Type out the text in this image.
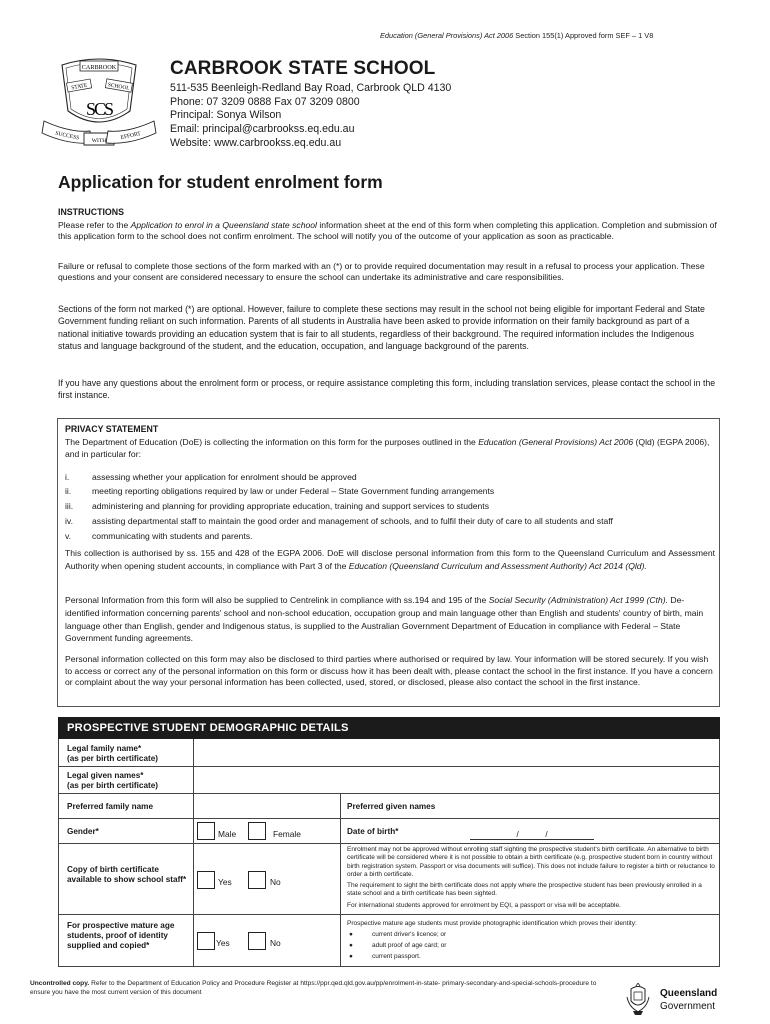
Education (General Provisions) Act 2006 Section 155(1) Approved form SEF – 1 V8
CARBROOK
STATE	SCHOOL
SCS
SUCCESS WITH EFFORT
CARBROOK STATE SCHOOL
511-535 Beenleigh-Redland Bay Road, Carbrook QLD 4130
Phone: 07 3209 0888 Fax 07 3209 0800
Principal: Sonya Wilson
Email: principal@carbrookss.eq.edu.au
Website: www.carbrookss.eq.edu.au
Application for student enrolment form
INSTRUCTIONS
Please refer to the Application to enrol in a Queensland state school information sheet at the end of this form when completing this application. Completion and submission of this application form to the school does not confirm enrolment. The school will notify you of the outcome of your application as soon as practicable.
Failure or refusal to complete those sections of the form marked with an (*) or to provide required documentation may result in a refusal to process your application. These questions and your consent are considered necessary to ensure the school can undertake its administrative and care responsibilities.
Sections of the form not marked (*) are optional. However, failure to complete these sections may result in the school not being eligible for important Federal and State Government funding reliant on such information. Parents of all students in Australia have been asked to provide information on their family background as part of a national initiative towards providing an education system that is fair to all students, regardless of their background. The required information includes the Indigenous status and language background of the student, and the education, occupation, and language background of the parents.
If you have any questions about the enrolment form or process, or require assistance completing this form, including translation services, please contact the school in the first instance.
PRIVACY STATEMENT
The Department of Education (DoE) is collecting the information on this form for the purposes outlined in the Education (General Provisions) Act 2006 (Qld) (EGPA 2006), and in particular for:
i.	assessing whether your application for enrolment should be approved
ii. meeting reporting obligations required by law or under Federal – State Government funding arrangements
iii. administering and planning for providing appropriate education, training and support services to students
iv. assisting departmental staff to maintain the good order and management of schools, and to fulfil their duty of care to all students and staff
v. communicating with students and parents.
This collection is authorised by ss. 155 and 428 of the EGPA 2006. DoE will disclose personal information from this form to the Queensland Curriculum and Assessment Authority when opening student accounts, in compliance with Part 3 of the Education (Queensland Curriculum and Assessment Authority) Act 2014 (Qld).
Personal Information from this form will also be supplied to Centrelink in compliance with ss.194 and 195 of the Social Security (Administration) Act 1999 (Cth). De-identified information concerning parents' school and non-school education, occupation group and main language other than English and students' country of birth, main language other than English, gender and Indigenous status, is supplied to the Australian Government Department of Education in compliance with Federal – State Government funding agreements.
Personal information collected on this form may also be disclosed to third parties where authorised or required by law. Your information will be stored securely. If you wish to access or correct any of the personal information on this form or discuss how it has been dealt with, please contact the school in the first instance. If you have a concern or complaint about the way your personal information has been collected, used, stored, or disclosed, please also contact the school in the first instance.
PROSPECTIVE STUDENT DEMOGRAPHIC DETAILS
Legal family name*
(as per birth certificate)
Legal given names*
(as per birth certificate)
Preferred family name	Preferred given names
Gender*	Male	Female	Date of birth*	/            /
Copy of birth certificate available to show school staff*	Yes	No
Enrolment may not be approved without enrolling staff sighting the prospective student's birth certificate. An alternative to birth certificate will be considered where it is not possible to obtain a birth certificate (e.g. prospective student born in country without birth registration system. Passport or visa documents will suffice). This does not include failure to register a birth or reluctance to order a birth certificate.
The requirement to sight the birth certificate does not apply where the prospective student has been previously enrolled in a state school and a birth certificate has been sighted.
For international students approved for enrolment by EQI, a passport or visa will be acceptable.
For prospective mature age students, proof of identity supplied and copied*	Yes	No
Prospective mature age students must provide photographic identification which proves their identity:
●	current driver's licence; or
●	adult proof of age card; or
●	current passport.
Uncontrolled copy. Refer to the Department of Education Policy and Procedure Register at https://ppr.qed.qld.gov.au/pp/enrolment-in-state- primary-secondary-and-special-schools-procedure to ensure you have the most current version of this document	Queensland
Government
